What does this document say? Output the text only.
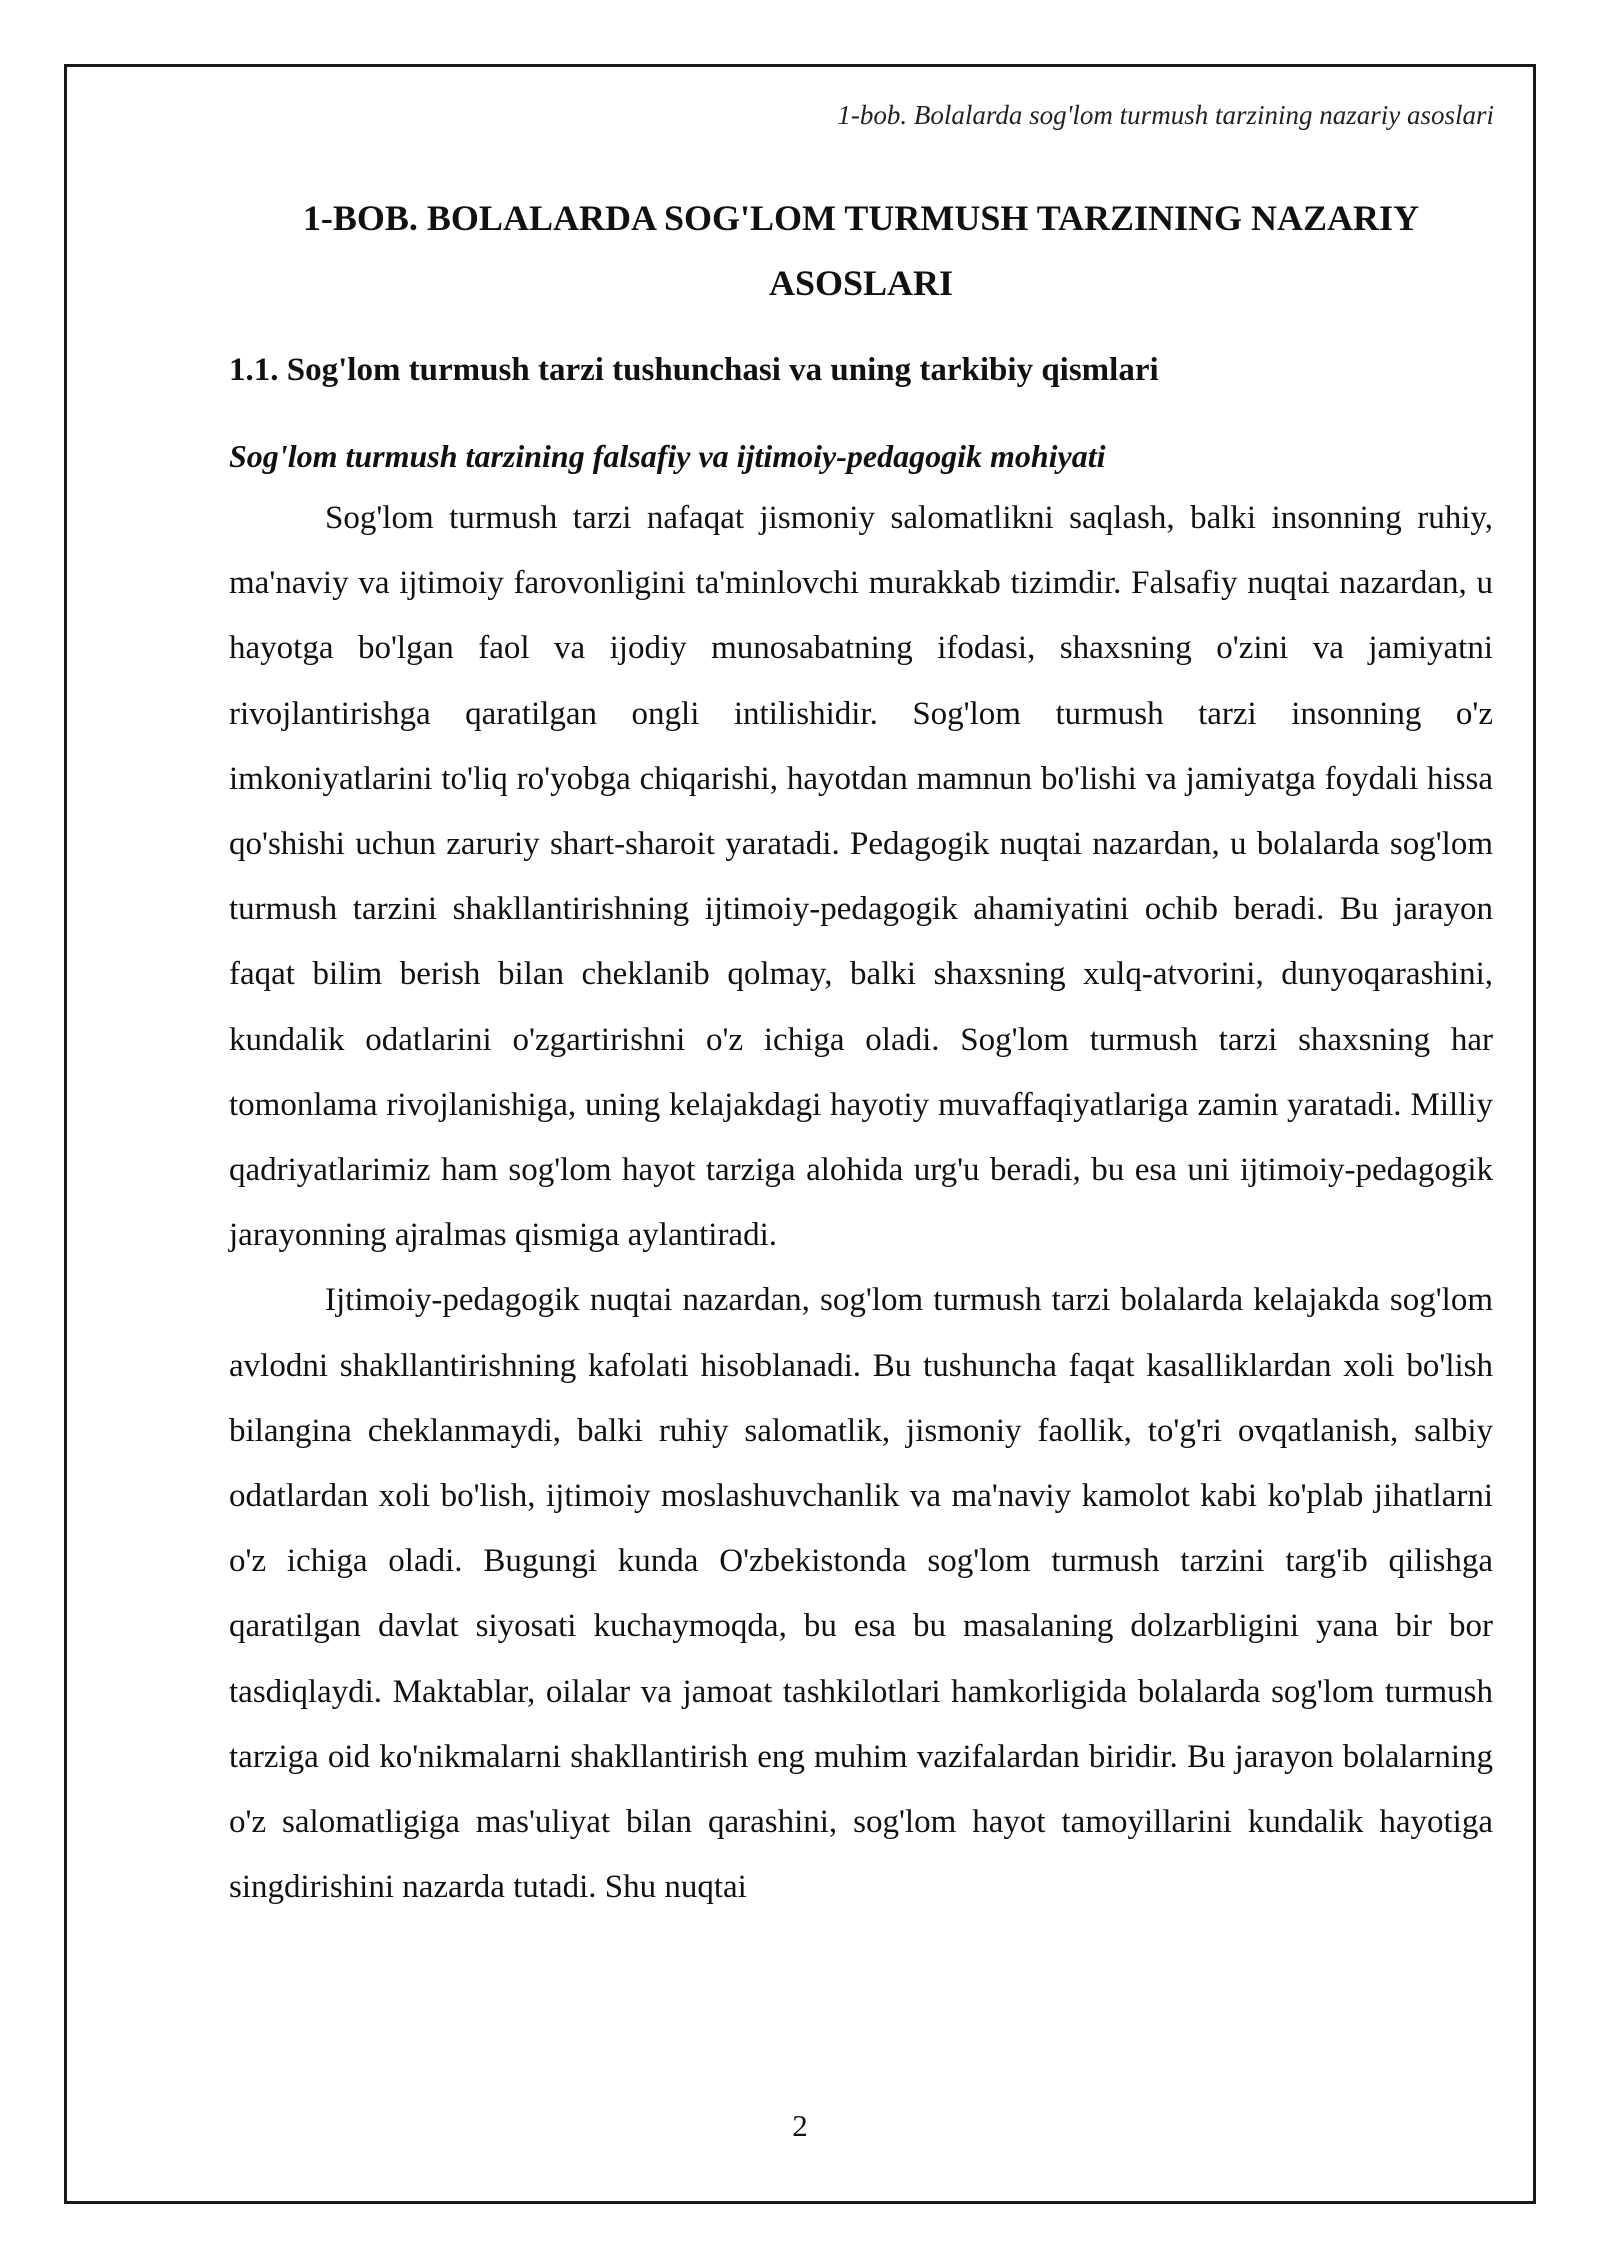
1-bob. Bolalarda sog'lom turmush tarzining nazariy asoslari
1-BOB. BOLALARDA SOG'LOM TURMUSH TARZINING NAZARIY ASOSLARI
1.1. Sog'lom turmush tarzi tushunchasi va uning tarkibiy qismlari
Sog'lom turmush tarzining falsafiy va ijtimoiy-pedagogik mohiyati

Sog'lom turmush tarzi nafaqat jismoniy salomatlikni saqlash, balki insonning ruhiy, ma'naviy va ijtimoiy farovonligini ta'minlovchi murakkab tizimdir. Falsafiy nuqtai nazardan, u hayotga bo'lgan faol va ijodiy munosabatning ifodasi, shaxsning o'zini va jamiyatni rivojlantirishga qaratilgan ongli intilishidir. Sog'lom turmush tarzi insonning o'z imkoniyatlarini to'liq ro'yobga chiqarishi, hayotdan mamnun bo'lishi va jamiyatga foydali hissa qo'shishi uchun zaruriy shart-sharoit yaratadi. Pedagogik nuqtai nazardan, u bolalarda sog'lom turmush tarzini shakllantirishning ijtimoiy-pedagogik ahamiyatini ochib beradi. Bu jarayon faqat bilim berish bilan cheklanib qolmay, balki shaxsning xulq-atvorini, dunyoqarashini, kundalik odatlarini o'zgartirishni o'z ichiga oladi. Sog'lom turmush tarzi shaxsning har tomonlama rivojlanishiga, uning kelajakdagi hayotiy muvaffaqiyatlariga zamin yaratadi. Milliy qadriyatlarimiz ham sog'lom hayot tarziga alohida urg'u beradi, bu esa uni ijtimoiy-pedagogik jarayonning ajralmas qismiga aylantiradi.

Ijtimoiy-pedagogik nuqtai nazardan, sog'lom turmush tarzi bolalarda kelajakda sog'lom avlodni shakllantirishning kafolati hisoblanadi. Bu tushuncha faqat kasalliklardan xoli bo'lish bilangina cheklanmaydi, balki ruhiy salomatlik, jismoniy faollik, to'g'ri ovqatlanish, salbiy odatlardan xoli bo'lish, ijtimoiy moslashuvchanlik va ma'naviy kamolot kabi ko'plab jihatlarni o'z ichiga oladi. Bugungi kunda O'zbekistonda sog'lom turmush tarzini targ'ib qilishga qaratilgan davlat siyosati kuchaymoqda, bu esa bu masalaning dolzarbligini yana bir bor tasdiqlaydi. Maktablar, oilalar va jamoat tashkilotlari hamkorligida bolalarda sog'lom turmush tarziga oid ko'nikmalarni shakllantirish eng muhim vazifalardan biridir. Bu jarayon bolalarning o'z salomatligiga mas'uliyat bilan qarashini, sog'lom hayot tamoyillarini kundalik hayotiga singdirishini nazarda tutadi. Shu nuqtai

2
